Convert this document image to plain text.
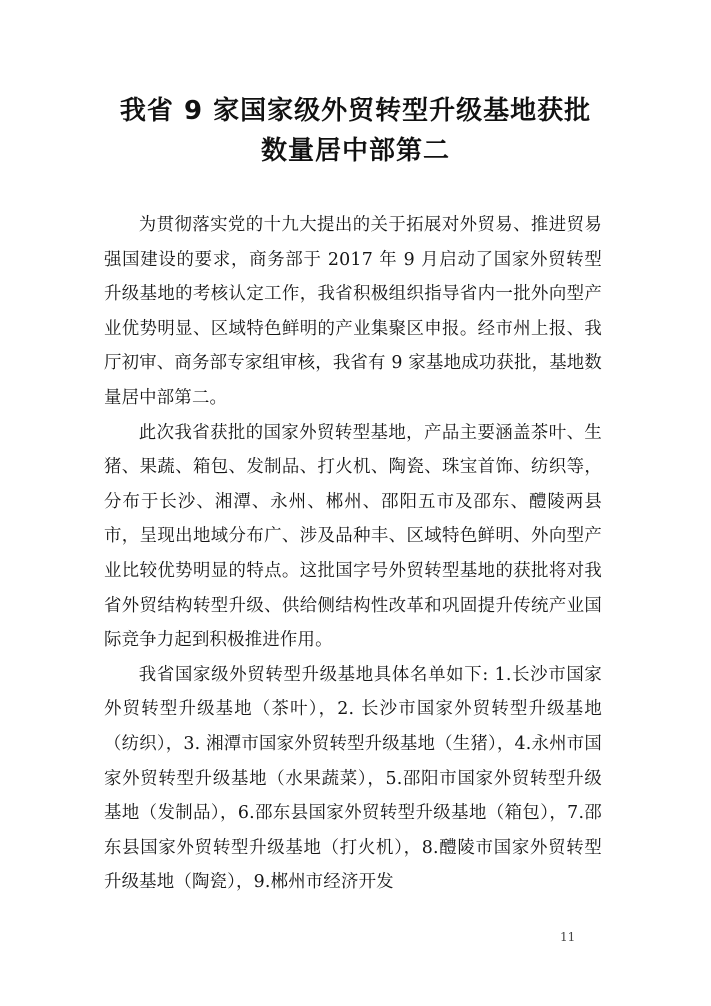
我省 9 家国家级外贸转型升级基地获批
数量居中部第二

为贯彻落实党的十九大提出的关于拓展对外贸易、推进贸易强国建设的要求，商务部于 2017 年 9 月启动了国家外贸转型升级基地的考核认定工作，我省积极组织指导省内一批外向型产业优势明显、区域特色鲜明的产业集聚区申报。经市州上报、我厅初审、商务部专家组审核，我省有 9 家基地成功获批，基地数量居中部第二。

此次我省获批的国家外贸转型基地，产品主要涵盖茶叶、生猪、果蔬、箱包、发制品、打火机、陶瓷、珠宝首饰、纺织等，分布于长沙、湘潭、永州、郴州、邵阳五市及邵东、醴陵两县市，呈现出地域分布广、涉及品种丰、区域特色鲜明、外向型产业比较优势明显的特点。这批国字号外贸转型基地的获批将对我省外贸结构转型升级、供给侧结构性改革和巩固提升传统产业国际竞争力起到积极推进作用。

我省国家级外贸转型升级基地具体名单如下: 1.长沙市国家外贸转型升级基地（茶叶），2. 长沙市国家外贸转型升级基地（纺织），3. 湘潭市国家外贸转型升级基地（生猪），4.永州市国家外贸转型升级基地（水果蔬菜），5.邵阳市国家外贸转型升级基地（发制品），6.邵东县国家外贸转型升级基地（箱包），7.邵东县国家外贸转型升级基地（打火机），8.醴陵市国家外贸转型升级基地（陶瓷），9.郴州市经济开发

11
